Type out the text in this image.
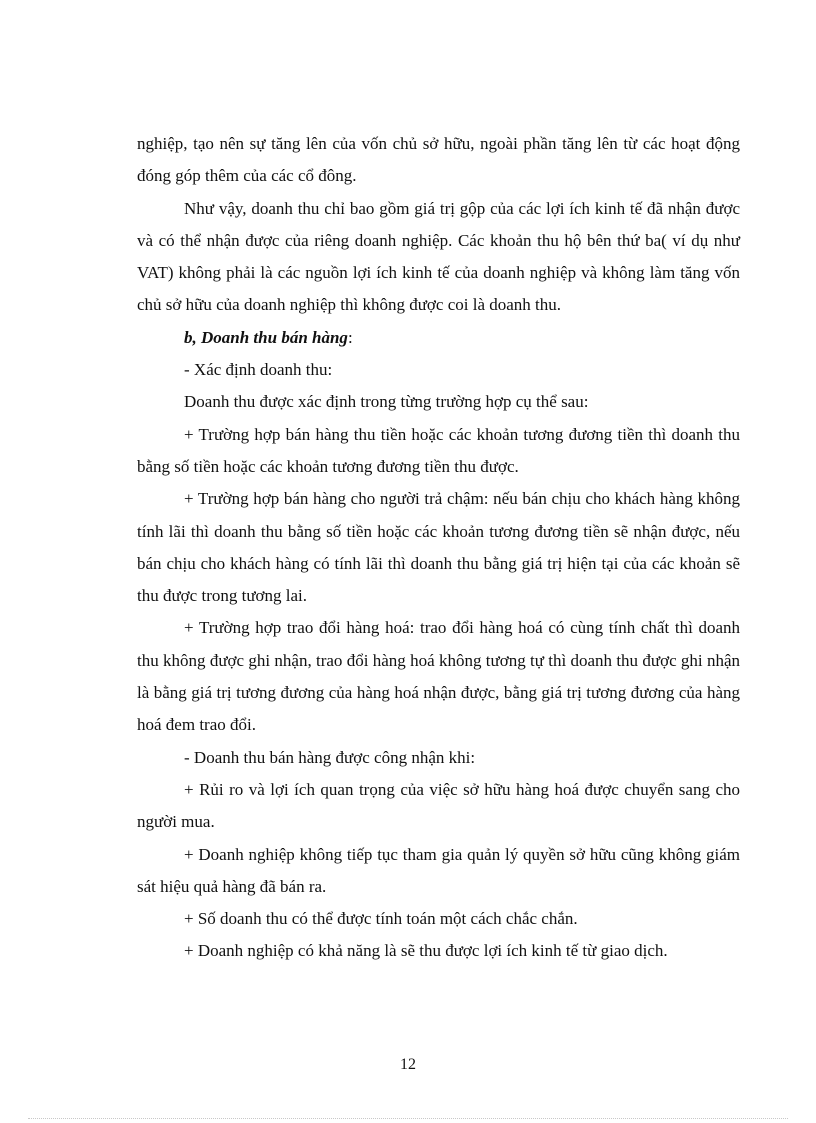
nghiệp, tạo nên sự tăng lên của vốn chủ sở hữu, ngoài phần tăng lên từ các hoạt động đóng góp thêm của các cổ đông.

Như vậy, doanh thu chỉ bao gồm giá trị gộp của các lợi ích kinh tế đã nhận được và có thể nhận được của riêng doanh nghiệp. Các khoản thu hộ bên thứ ba( ví dụ như VAT) không phải là các nguồn lợi ích kinh tế của doanh nghiệp và không làm tăng vốn chủ sở hữu của doanh nghiệp thì không được coi là doanh thu.

b, Doanh thu bán hàng:

- Xác định doanh thu:

Doanh thu được xác định trong từng trường hợp cụ thể sau:

+ Trường hợp bán hàng thu tiền hoặc các khoản tương đương tiền thì doanh thu bằng số tiền hoặc các khoản tương đương tiền thu được.

+ Trường hợp bán hàng cho người trả chậm: nếu bán chịu cho khách hàng không tính lãi thì doanh thu bằng số tiền hoặc các khoản tương đương tiền sẽ nhận được, nếu bán chịu cho khách hàng có tính lãi thì doanh thu bằng giá trị hiện tại của các khoản sẽ thu được trong tương lai.

+ Trường hợp trao đổi hàng hoá: trao đổi hàng hoá có cùng tính chất thì doanh thu không được ghi nhận, trao đổi hàng hoá không tương tự thì doanh thu được ghi nhận là bằng giá trị tương đương của hàng hoá nhận được, bằng giá trị tương đương của hàng hoá đem trao đổi.

- Doanh thu bán hàng được công nhận khi:

+ Rủi ro và lợi ích quan trọng của việc sở hữu hàng hoá được chuyển sang cho người mua.

+ Doanh nghiệp không tiếp tục tham gia quản lý quyền sở hữu cũng không giám sát hiệu quả hàng đã bán ra.

+ Số doanh thu có thể được tính toán một cách chắc chắn.

+ Doanh nghiệp có khả năng là sẽ thu được lợi ích kinh tế từ giao dịch.

12
